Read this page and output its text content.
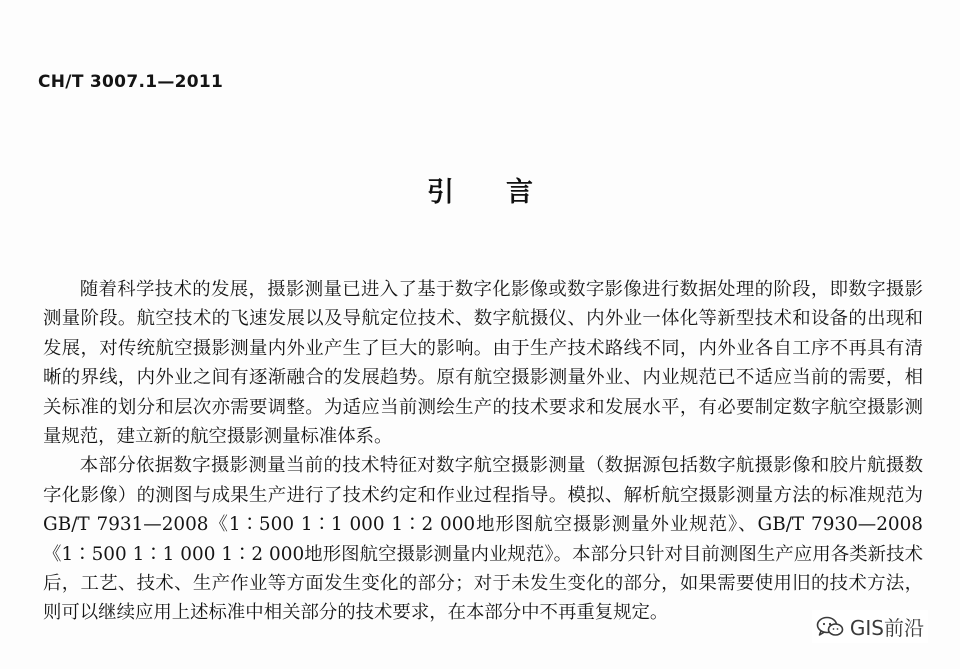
CH/T 3007.1—2011
引 言

随着科学技术的发展，摄影测量已进入了基于数字化影像或数字影像进行数据处理的阶段，即数字摄影测量阶段。航空技术的飞速发展以及导航定位技术、数字航摄仪、内外业一体化等新型技术和设备的出现和发展，对传统航空摄影测量内外业产生了巨大的影响。由于生产技术路线不同，内外业各自工序不再具有清晰的界线，内外业之间有逐渐融合的发展趋势。原有航空摄影测量外业、内业规范已不适应当前的需要，相关标准的划分和层次亦需要调整。为适应当前测绘生产的技术要求和发展水平，有必要制定数字航空摄影测量规范，建立新的航空摄影测量标准体系。

本部分依据数字摄影测量当前的技术特征对数字航空摄影测量（数据源包括数字航摄影像和胶片航摄数字化影像）的测图与成果生产进行了技术约定和作业过程指导。模拟、解析航空摄影测量方法的标准规范为GB/T 7931—2008《1∶500 1∶1 000 1∶2 000地形图航空摄影测量外业规范》、GB/T 7930—2008《1∶500 1∶1 000 1∶2 000地形图航空摄影测量内业规范》。本部分只针对目前测图生产应用各类新技术后，工艺、技术、生产作业等方面发生变化的部分；对于未发生变化的部分，如果需要使用旧的技术方法，则可以继续应用上述标准中相关部分的技术要求，在本部分中不再重复规定。

GIS前沿
